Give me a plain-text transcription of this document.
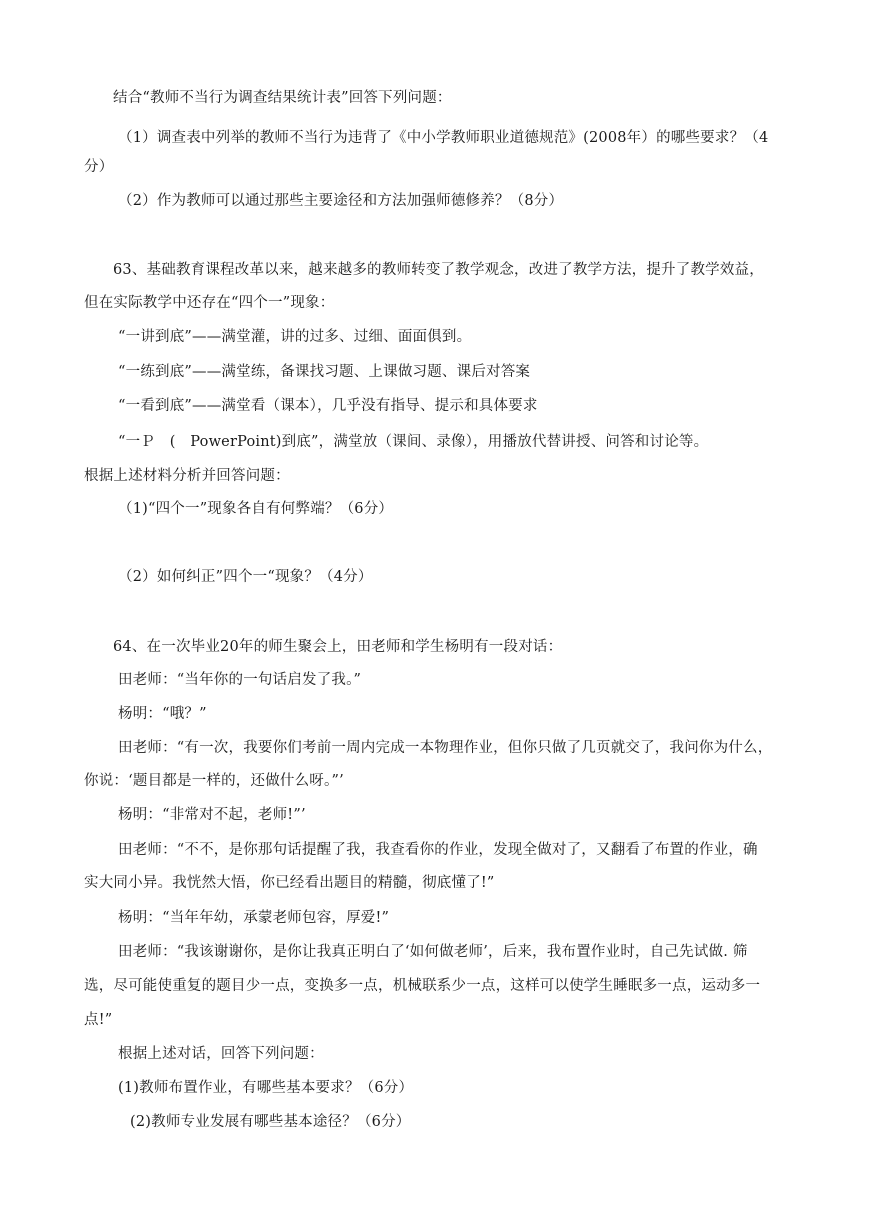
结合“教师不当行为调查结果统计表”回答下列问题：
（1）调查表中列举的教师不当行为违背了《中小学教师职业道德规范》(2008年）的哪些要求？（4
分）
（2）作为教师可以通过那些主要途径和方法加强师德修养？（8分）
63、基础教育课程改革以来，越来越多的教师转变了教学观念，改进了教学方法，提升了教学效益，
但在实际教学中还存在“四个一”现象：
“一讲到底”——满堂灌，讲的过多、过细、面面俱到。
“一练到底”——满堂练，备课找习题、上课做习题、课后对答案
“一看到底”——满堂看（课本），几乎没有指导、提示和具体要求
“一Ｐ　(　PowerPoint)到底”，满堂放（课间、录像），用播放代替讲授、问答和讨论等。
根据上述材料分析并回答问题：
（1)“四个一”现象各自有何弊端？（6分）
（2）如何纠正”四个一“现象？（4分）
64、在一次毕业20年的师生聚会上，田老师和学生杨明有一段对话：
田老师：“当年你的一句话启发了我。”
杨明：“哦？”
田老师：“有一次，我要你们考前一周内完成一本物理作业，但你只做了几页就交了，我问你为什么，
你说：‘题目都是一样的，还做什么呀。”’
杨明：“非常对不起，老师!”’
田老师：“不不，是你那句话提醒了我，我查看你的作业，发现全做对了，又翻看了布置的作业，确
实大同小异。我恍然大悟，你已经看出题目的精髓，彻底懂了!”
杨明：“当年年幼，承蒙老师包容，厚爱!”
田老师：“我该谢谢你，是你让我真正明白了‘如何做老师’，后来，我布置作业时，自己先试做. 筛
选，尽可能使重复的题目少一点，变换多一点，机械联系少一点，这样可以使学生睡眠多一点，运动多一
点!”
根据上述对话，回答下列问题：
(1)教师布置作业，有哪些基本要求？（6分）
(2)教师专业发展有哪些基本途径？（6分）
